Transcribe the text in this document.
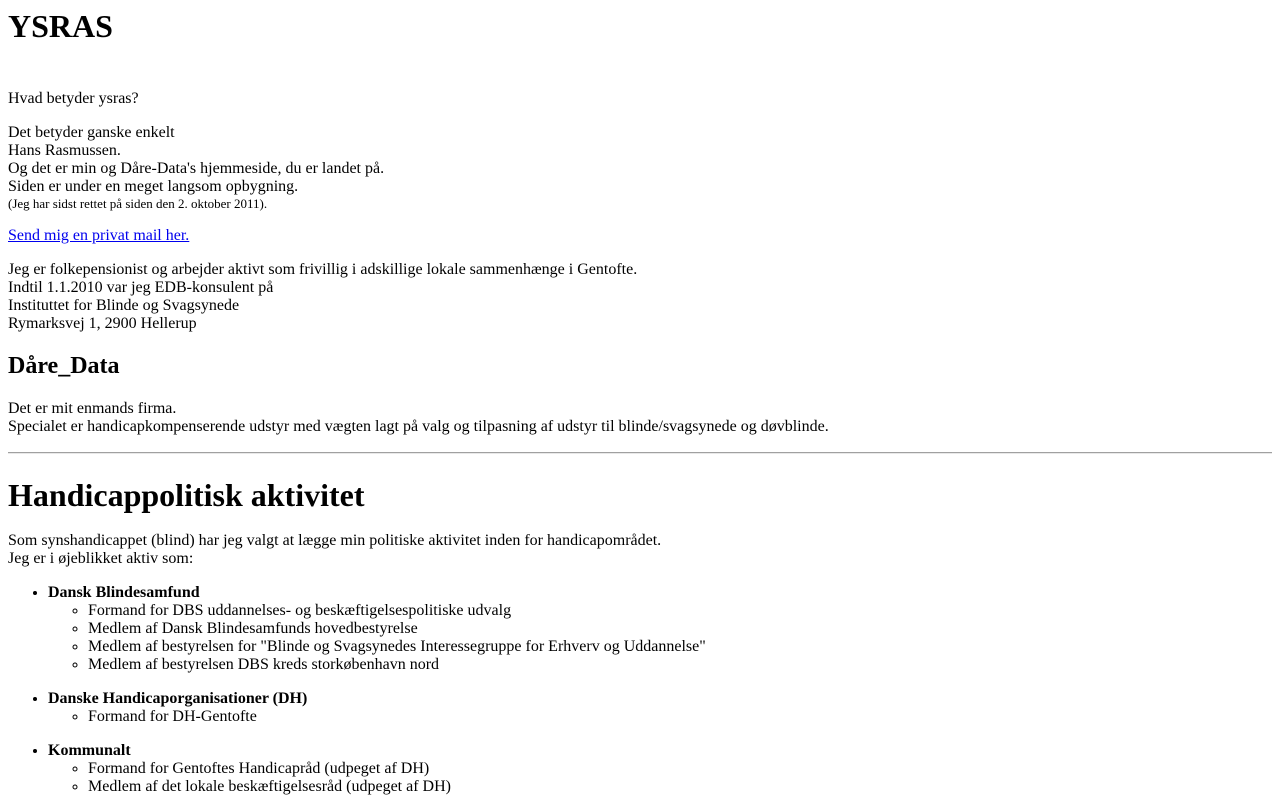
YSRAS
Hvad betyder ysras?
Det betyder ganske enkelt
Hans Rasmussen.
Og det er min og Dåre-Data's hjemmeside, du er landet på.
Siden er under en meget langsom opbygning.
(Jeg har sidst rettet på siden den 2. oktober 2011).
Send mig en privat mail her.
Jeg er folkepensionist og arbejder aktivt som frivillig i adskillige lokale sammenhænge i Gentofte.
Indtil 1.1.2010 var jeg EDB-konsulent på
Instituttet for Blinde og Svagsynede
Rymarksvej 1, 2900 Hellerup
Dåre_Data
Det er mit enmands firma.
Specialet er handicapkompenserende udstyr med vægten lagt på valg og tilpasning af udstyr til blinde/svagsynede og døvblinde.
Handicappolitisk aktivitet
Som synshandicappet (blind) har jeg valgt at lægge min politiske aktivitet inden for handicapområdet.
Jeg er i øjeblikket aktiv som:
• Dansk Blindesamfund
◦ Formand for DBS uddannelses- og beskæftigelsespolitiske udvalg
◦ Medlem af Dansk Blindesamfunds hovedbestyrelse
◦ Medlem af bestyrelsen for "Blinde og Svagsynedes Interessegruppe for Erhverv og Uddannelse"
◦ Medlem af bestyrelsen DBS kreds storkøbenhavn nord
• Danske Handicaporganisationer (DH)
◦ Formand for DH-Gentofte
• Kommunalt
◦ Formand for Gentoftes Handicapråd (udpeget af DH)
◦ Medlem af det lokale beskæftigelsesråd (udpeget af DH)
